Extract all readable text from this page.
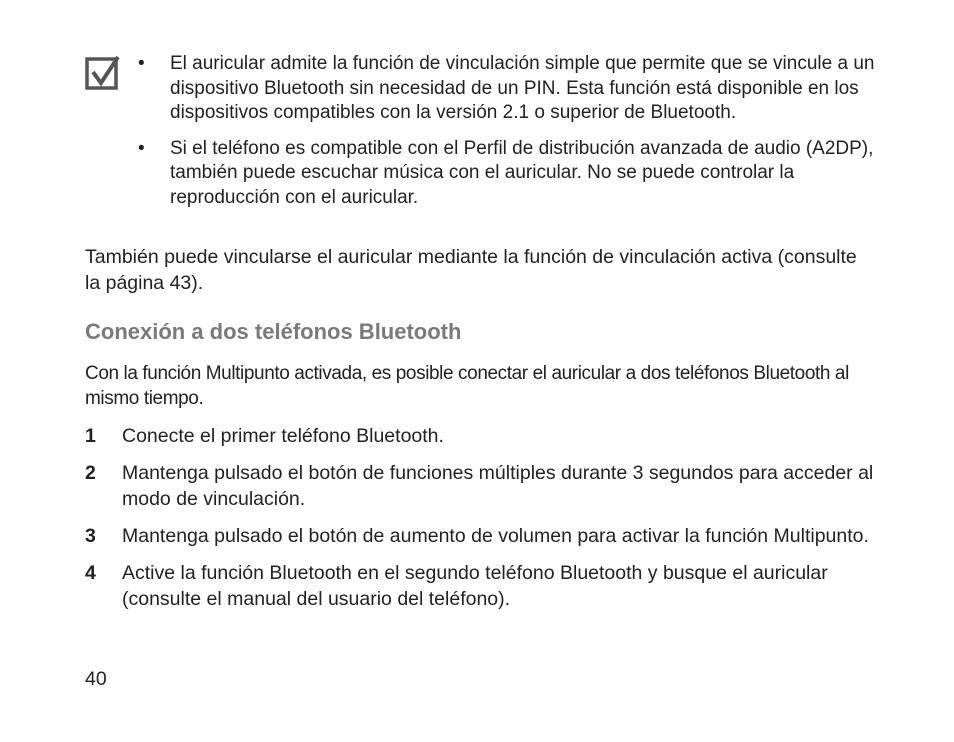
• El auricular admite la función de vinculación simple que permite que se vincule a un dispositivo Bluetooth sin necesidad de un PIN. Esta función está disponible en los dispositivos compatibles con la versión 2.1 o superior de Bluetooth.
• Si el teléfono es compatible con el Perfil de distribución avanzada de audio (A2DP), también puede escuchar música con el auricular. No se puede controlar la reproducción con el auricular.

También puede vincularse el auricular mediante la función de vinculación activa (consulte la página 43).

Conexión a dos teléfonos Bluetooth

Con la función Multipunto activada, es posible conectar el auricular a dos teléfonos Bluetooth al mismo tiempo.

1 Conecte el primer teléfono Bluetooth.
2 Mantenga pulsado el botón de funciones múltiples durante 3 segundos para acceder al modo de vinculación.
3 Mantenga pulsado el botón de aumento de volumen para activar la función Multipunto.
4 Active la función Bluetooth en el segundo teléfono Bluetooth y busque el auricular (consulte el manual del usuario del teléfono).
40
